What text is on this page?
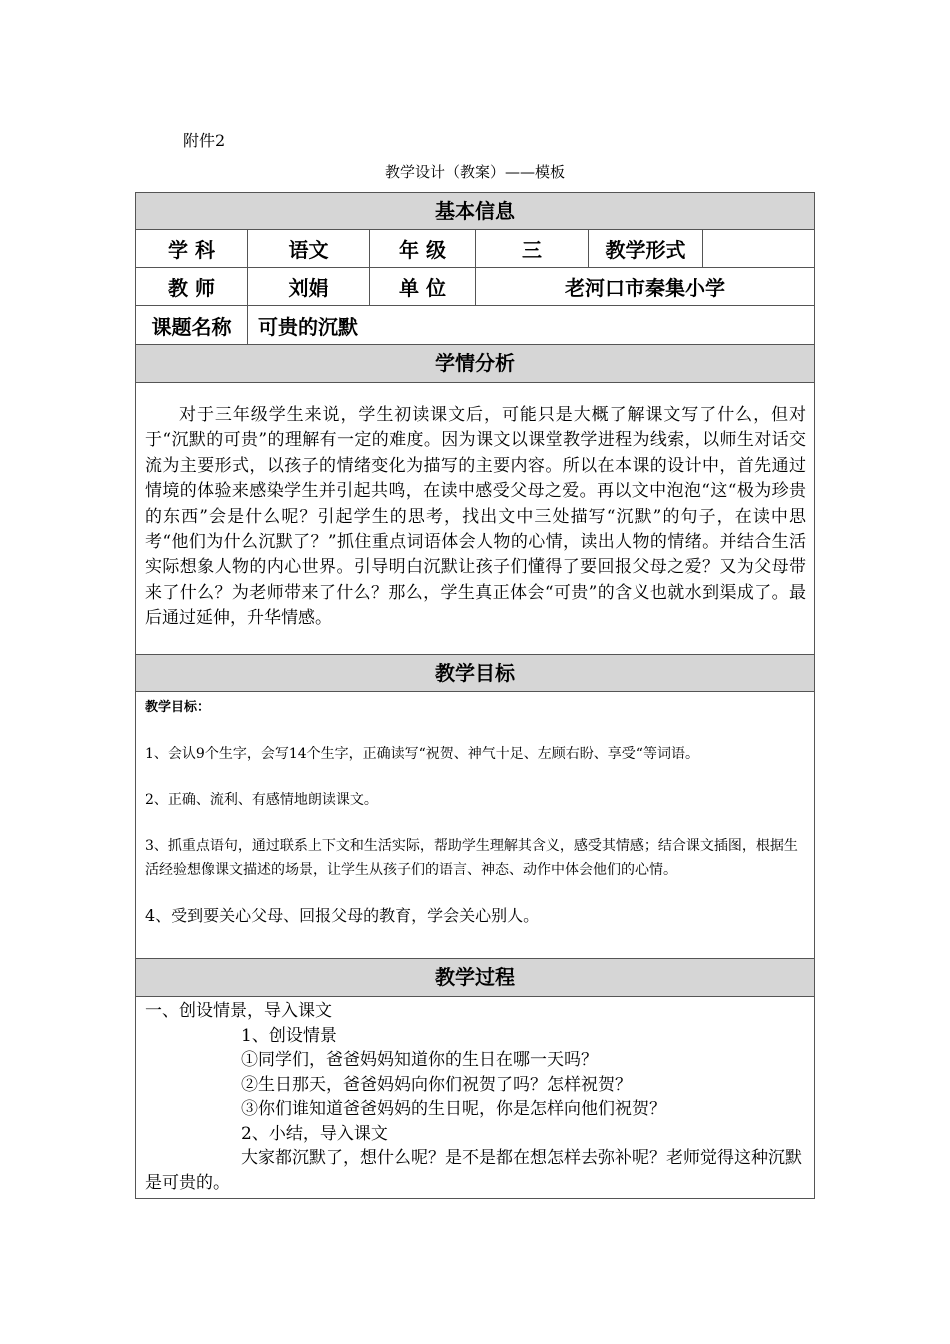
附件2
教学设计（教案）——模板
基本信息
学 科	语文	年 级	三	教学形式
教 师	刘娟	单 位	老河口市秦集小学
课题名称	可贵的沉默
学情分析
对于三年级学生来说，学生初读课文后，可能只是大概了解课文写了什么，但对于“沉默的可贵”的理解有一定的难度。因为课文以课堂教学进程为线索，以师生对话交流为主要形式，以孩子的情绪变化为描写的主要内容。所以在本课的设计中，首先通过情境的体验来感染学生并引起共鸣，在读中感受父母之爱。再以文中泡泡“这“极为珍贵的东西”会是什么呢？引起学生的思考，找出文中三处描写“沉默”的句子，在读中思考“他们为什么沉默了？”抓住重点词语体会人物的心情，读出人物的情绪。并结合生活实际想象人物的内心世界。引导明白沉默让孩子们懂得了要回报父母之爱？又为父母带来了什么？为老师带来了什么？那么，学生真正体会“可贵”的含义也就水到渠成了。最后通过延伸，升华情感。
教学目标
教学目标：
1、会认9个生字，会写14个生字，正确读写“祝贺、神气十足、左顾右盼、享受“等词语。
2、正确、流利、有感情地朗读课文。
3、抓重点语句，通过联系上下文和生活实际，帮助学生理解其含义，感受其情感；结合课文插图，根据生活经验想像课文描述的场景，让学生从孩子们的语言、神态、动作中体会他们的心情。
4、受到要关心父母、回报父母的教育，学会关心别人。
教学过程
一、创设情景，导入课文
1、创设情景
①同学们，爸爸妈妈知道你的生日在哪一天吗？
②生日那天，爸爸妈妈向你们祝贺了吗？怎样祝贺？
③你们谁知道爸爸妈妈的生日呢，你是怎样向他们祝贺？
2、小结，导入课文
大家都沉默了，想什么呢？是不是都在想怎样去弥补呢？老师觉得这种沉默是可贵的。
